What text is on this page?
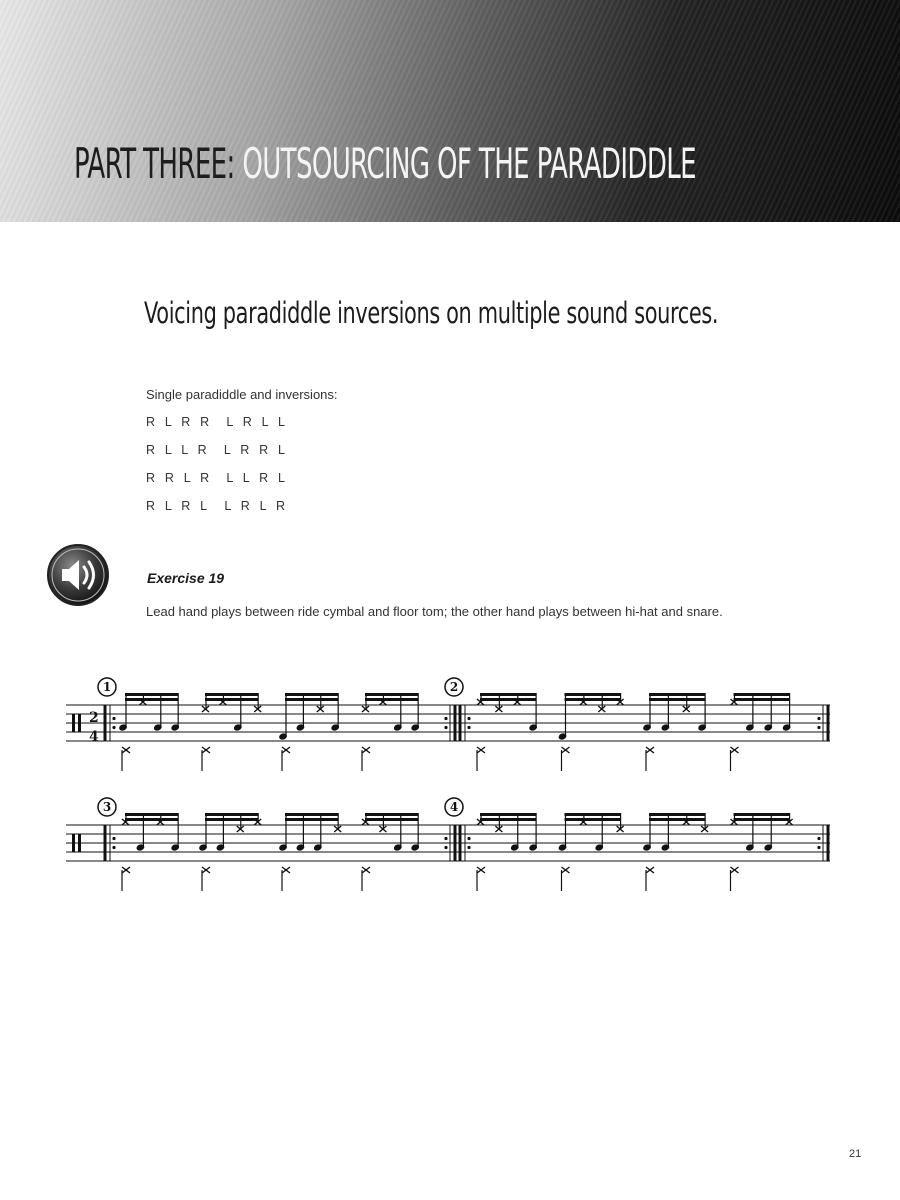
PART THREE: OUTSOURCING OF THE PARADIDDLE
Voicing paradiddle inversions on multiple sound sources.
Single paradiddle and inversions:
R L R R L R L L
R L L R L R R L
R R L R L L R L
R L R L L R L R
Exercise 19
Lead hand plays between ride cymbal and floor tom; the other hand plays between hi-hat and snare.
2
4
1	2
3	4
21
